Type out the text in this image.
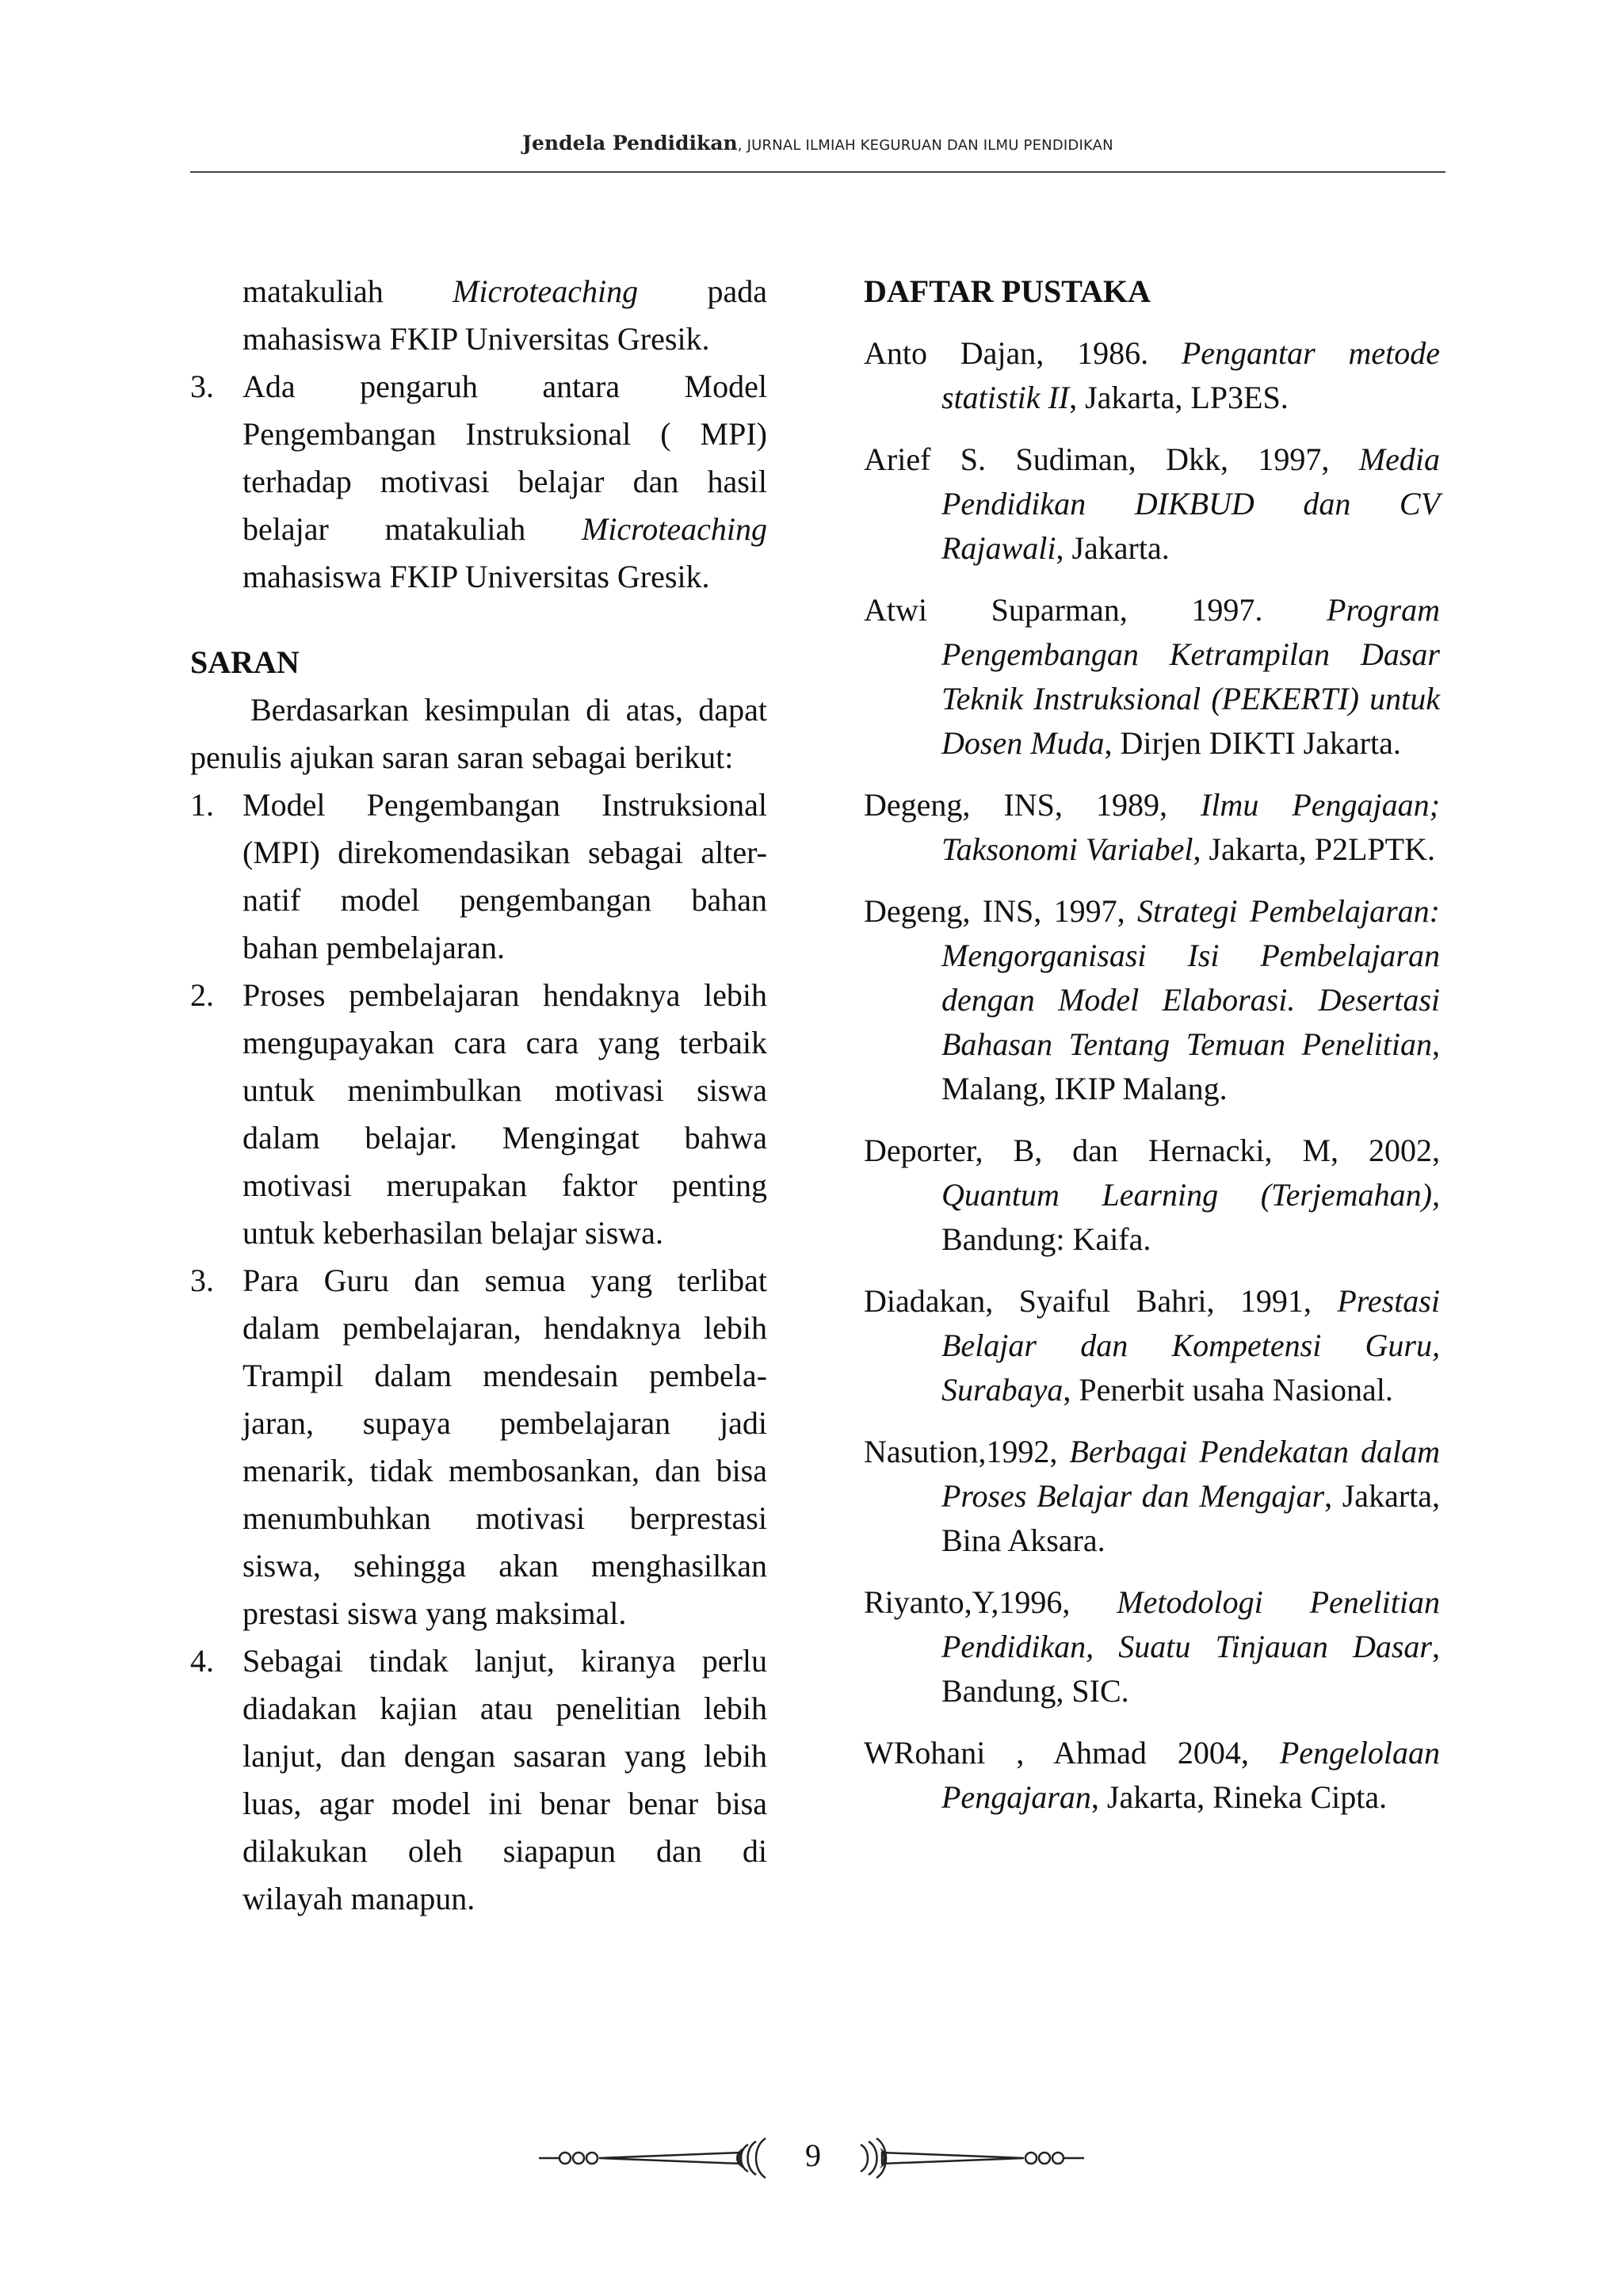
Jendela Pendidikan, JURNAL ILMIAH KEGURUAN DAN ILMU PENDIDIKAN
matakuliah Microteaching pada
mahasiswa FKIP Universitas Gresik.
3. Ada pengaruh antara Model
Pengembangan Instruksional ( MPI)
terhadap motivasi belajar dan hasil
belajar matakuliah Microteaching
mahasiswa FKIP Universitas Gresik.
SARAN
Berdasarkan kesimpulan di atas, dapat
penulis ajukan saran saran sebagai berikut:
1. Model Pengembangan Instruksional
(MPI) direkomendasikan sebagai alter-
natif model pengembangan bahan
bahan pembelajaran.
2. Proses pembelajaran hendaknya lebih
mengupayakan cara cara yang terbaik
untuk menimbulkan motivasi siswa
dalam belajar. Mengingat bahwa
motivasi merupakan faktor penting
untuk keberhasilan belajar siswa.
3. Para Guru dan semua yang terlibat
dalam pembelajaran, hendaknya lebih
Trampil dalam mendesain pembela-
jaran, supaya pembelajaran jadi
menarik, tidak membosankan, dan bisa
menumbuhkan motivasi berprestasi
siswa, sehingga akan menghasilkan
prestasi siswa yang maksimal.
4. Sebagai tindak lanjut, kiranya perlu
diadakan kajian atau penelitian lebih
lanjut, dan dengan sasaran yang lebih
luas, agar model ini benar benar bisa
dilakukan oleh siapapun dan di
wilayah manapun.
DAFTAR PUSTAKA
Anto Dajan, 1986. Pengantar metode statistik II, Jakarta, LP3ES.
Arief S. Sudiman, Dkk, 1997, Media Pendidikan DIKBUD dan CV Rajawali, Jakarta.
Atwi Suparman, 1997. Program Pengembangan Ketrampilan Dasar Teknik Instruksional (PEKERTI) untuk Dosen Muda, Dirjen DIKTI Jakarta.
Degeng, INS, 1989, Ilmu Pengajaan; Taksonomi Variabel, Jakarta, P2LPTK.
Degeng, INS, 1997, Strategi Pembelajaran: Mengorganisasi Isi Pembelajaran dengan Model Elaborasi. Desertasi Bahasan Tentang Temuan Penelitian, Malang, IKIP Malang.
Deporter, B, dan Hernacki, M, 2002, Quantum Learning (Terjemahan), Bandung: Kaifa.
Diadakan, Syaiful Bahri, 1991, Prestasi Belajar dan Kompetensi Guru, Surabaya, Penerbit usaha Nasional.
Nasution,1992, Berbagai Pendekatan dalam Proses Belajar dan Mengajar, Jakarta, Bina Aksara.
Riyanto,Y,1996, Metodologi Penelitian Pendidikan, Suatu Tinjauan Dasar, Bandung, SIC.
WRohani , Ahmad 2004, Pengelolaan Pengajaran, Jakarta, Rineka Cipta.
9
